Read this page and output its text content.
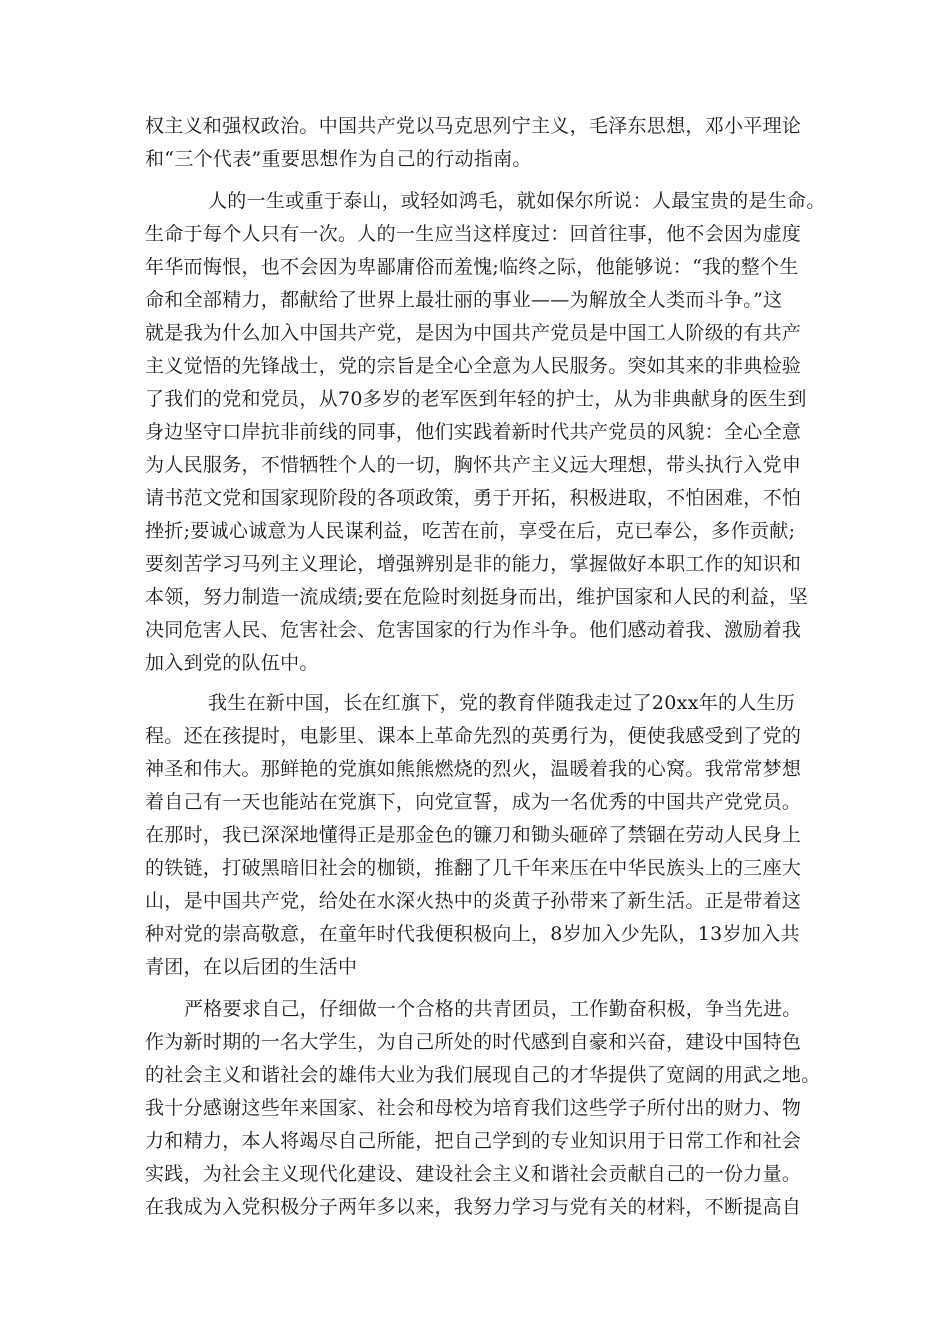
权主义和强权政治。中国共产党以马克思列宁主义，毛泽东思想，邓小平理论
和“三个代表”重要思想作为自己的行动指南。
人的一生或重于泰山，或轻如鸿毛，就如保尔所说：人最宝贵的是生命。
生命于每个人只有一次。人的一生应当这样度过：回首往事，他不会因为虚度
年华而悔恨，也不会因为卑鄙庸俗而羞愧;临终之际，他能够说：“我的整个生
命和全部精力，都献给了世界上最壮丽的事业——为解放全人类而斗争。”这
就是我为什么加入中国共产党，是因为中国共产党员是中国工人阶级的有共产
主义觉悟的先锋战士，党的宗旨是全心全意为人民服务。突如其来的非典检验
了我们的党和党员，从70多岁的老军医到年轻的护士，从为非典献身的医生到
身边坚守口岸抗非前线的同事，他们实践着新时代共产党员的风貌：全心全意
为人民服务，不惜牺牲个人的一切，胸怀共产主义远大理想，带头执行入党申
请书范文党和国家现阶段的各项政策，勇于开拓，积极进取，不怕困难，不怕
挫折;要诚心诚意为人民谋利益，吃苦在前，享受在后，克已奉公，多作贡献;
要刻苦学习马列主义理论，增强辨别是非的能力，掌握做好本职工作的知识和
本领，努力制造一流成绩;要在危险时刻挺身而出，维护国家和人民的利益，坚
决同危害人民、危害社会、危害国家的行为作斗争。他们感动着我、激励着我
加入到党的队伍中。
我生在新中国，长在红旗下，党的教育伴随我走过了20xx年的人生历
程。还在孩提时，电影里、课本上革命先烈的英勇行为，便使我感受到了党的
神圣和伟大。那鲜艳的党旗如熊熊燃烧的烈火，温暖着我的心窝。我常常梦想
着自己有一天也能站在党旗下，向党宣誓，成为一名优秀的中国共产党党员。
在那时，我已深深地懂得正是那金色的镰刀和锄头砸碎了禁锢在劳动人民身上
的铁链，打破黑暗旧社会的枷锁，推翻了几千年来压在中华民族头上的三座大
山，是中国共产党，给处在水深火热中的炎黄子孙带来了新生活。正是带着这
种对党的崇高敬意，在童年时代我便积极向上，8岁加入少先队，13岁加入共
青团，在以后团的生活中
严格要求自己，仔细做一个合格的共青团员，工作勤奋积极，争当先进。
作为新时期的一名大学生，为自己所处的时代感到自豪和兴奋，建设中国特色
的社会主义和谐社会的雄伟大业为我们展现自己的才华提供了宽阔的用武之地。
我十分感谢这些年来国家、社会和母校为培育我们这些学子所付出的财力、物
力和精力，本人将竭尽自己所能，把自己学到的专业知识用于日常工作和社会
实践，为社会主义现代化建设、建设社会主义和谐社会贡献自己的一份力量。
在我成为入党积极分子两年多以来，我努力学习与党有关的材料，不断提高自
